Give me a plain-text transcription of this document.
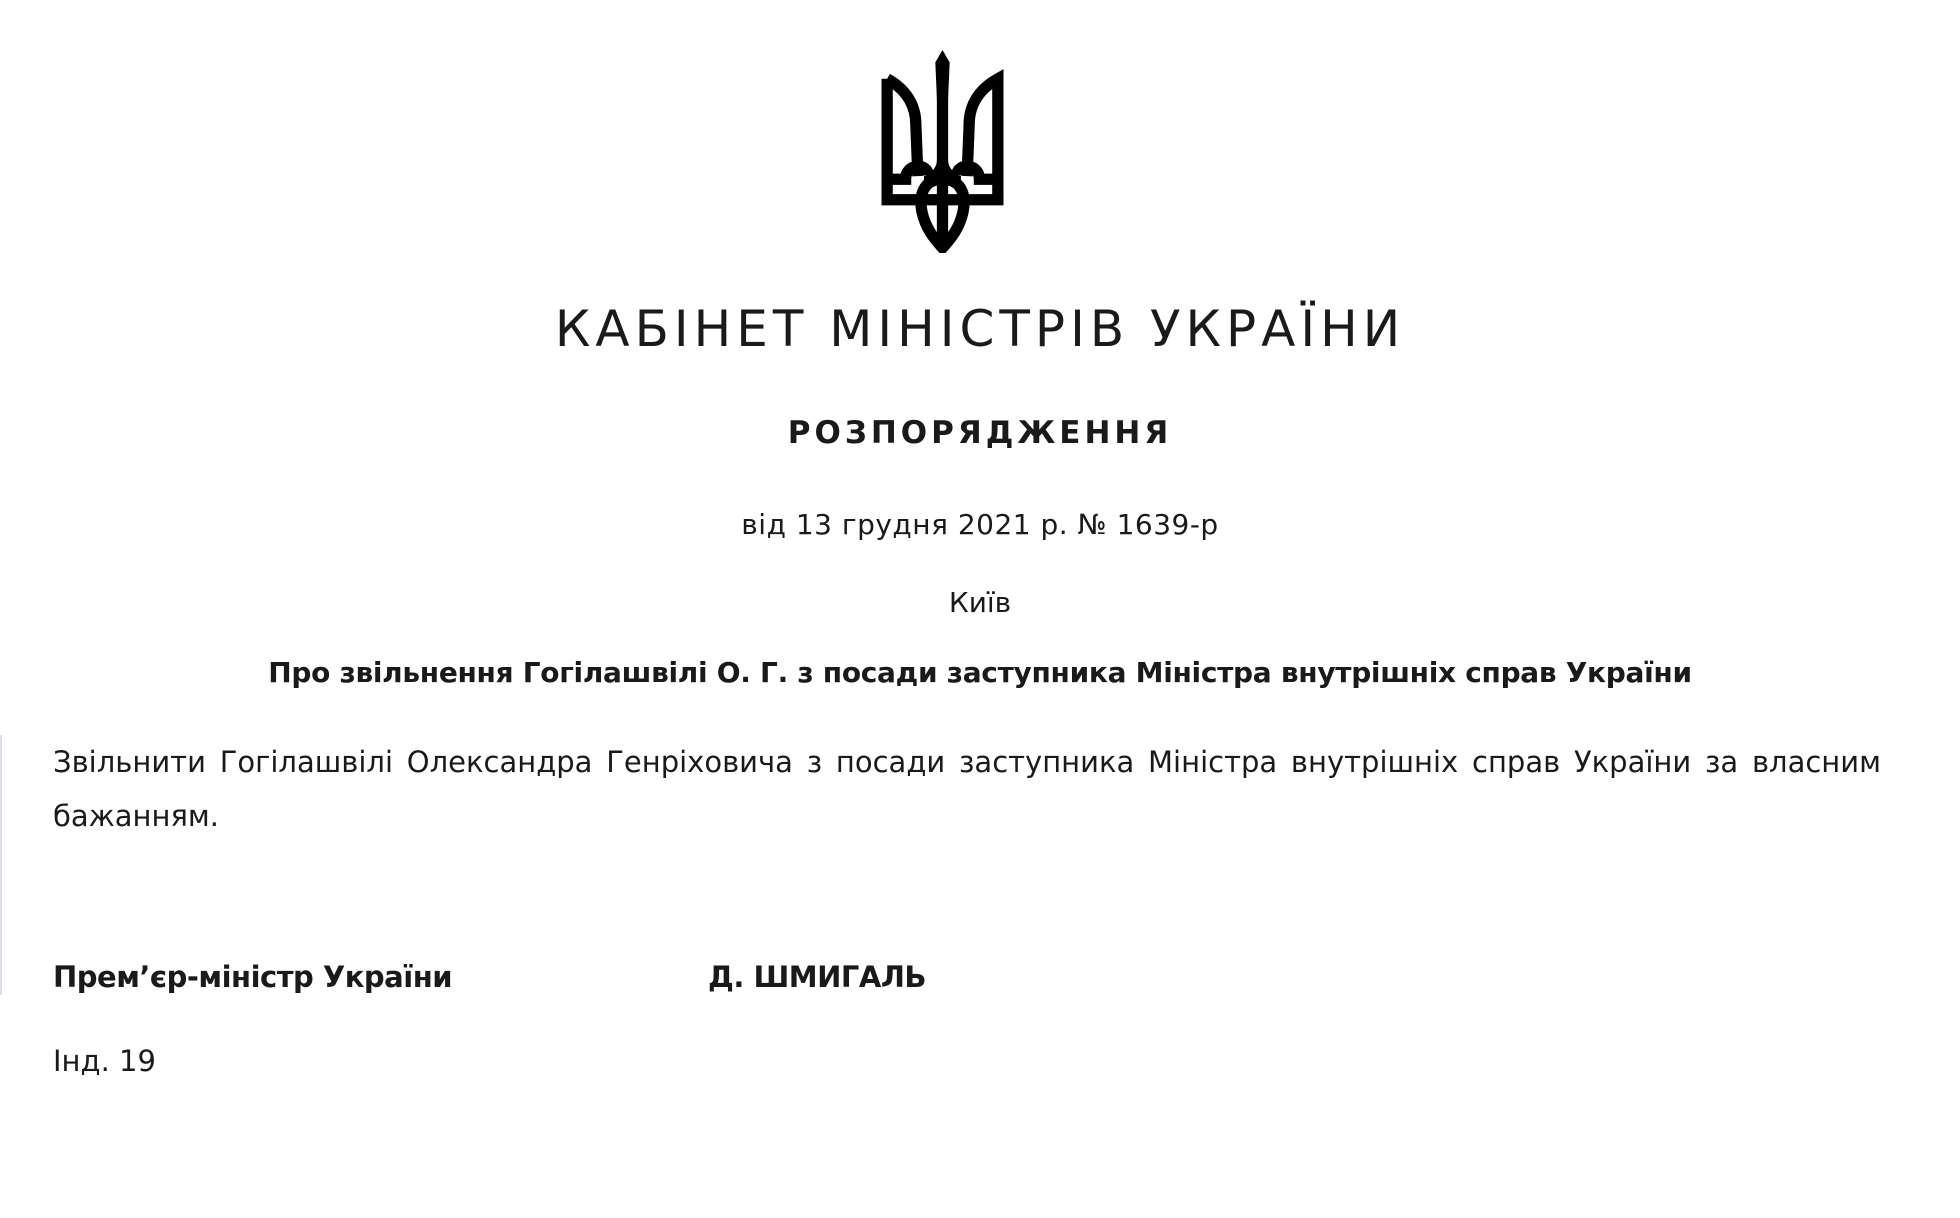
КАБІНЕТ МІНІСТРІВ УКРАЇНИ
РОЗПОРЯДЖЕННЯ
від 13 грудня 2021 р. № 1639-р
Київ
Про звільнення Гогілашвілі О. Г. з посади заступника Міністра внутрішніх справ України
Звільнити Гогілашвілі Олександра Генріховича з посади заступника Міністра внутрішніх справ України за власним бажанням.
Прем’єр-міністр України	Д. ШМИГАЛЬ
Інд. 19
